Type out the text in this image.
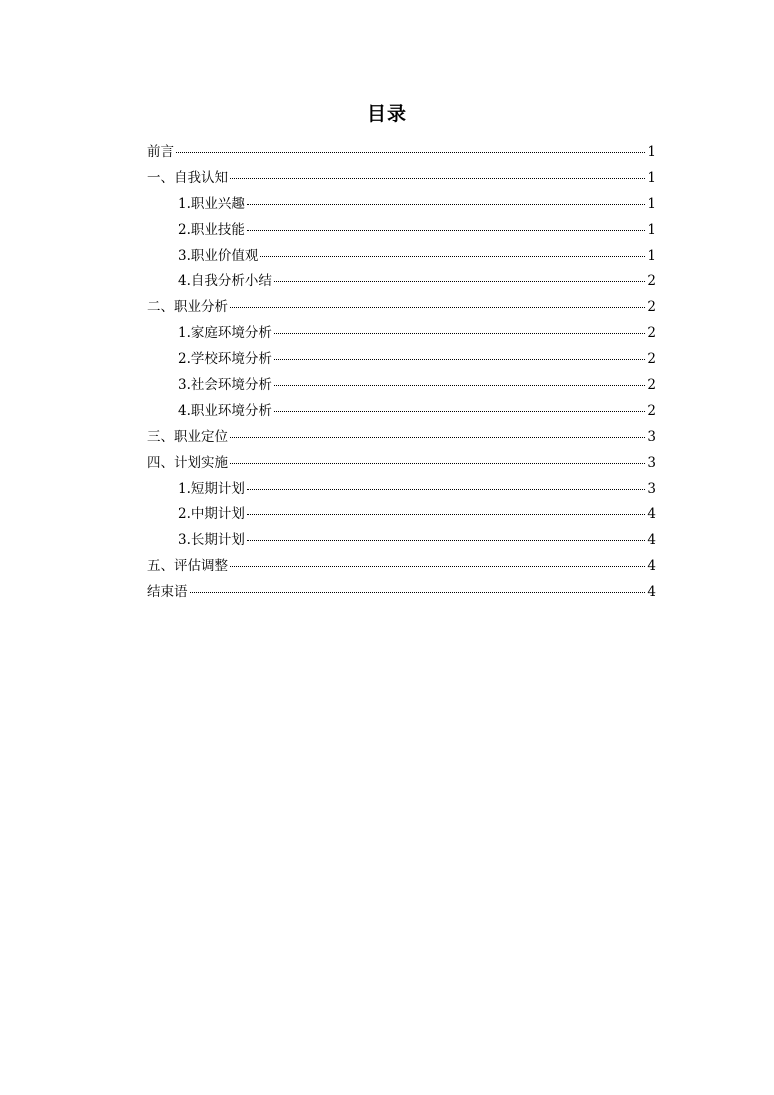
目录
前言	1
一、自我认知	1
1.职业兴趣	1
2.职业技能	1
3.职业价值观	1
4.自我分析小结	2
二、职业分析	2
1.家庭环境分析	2
2.学校环境分析	2
3.社会环境分析	2
4.职业环境分析	2
三、职业定位	3
四、计划实施	3
1.短期计划	3
2.中期计划	4
3.长期计划	4
五、评估调整	4
结束语	4
